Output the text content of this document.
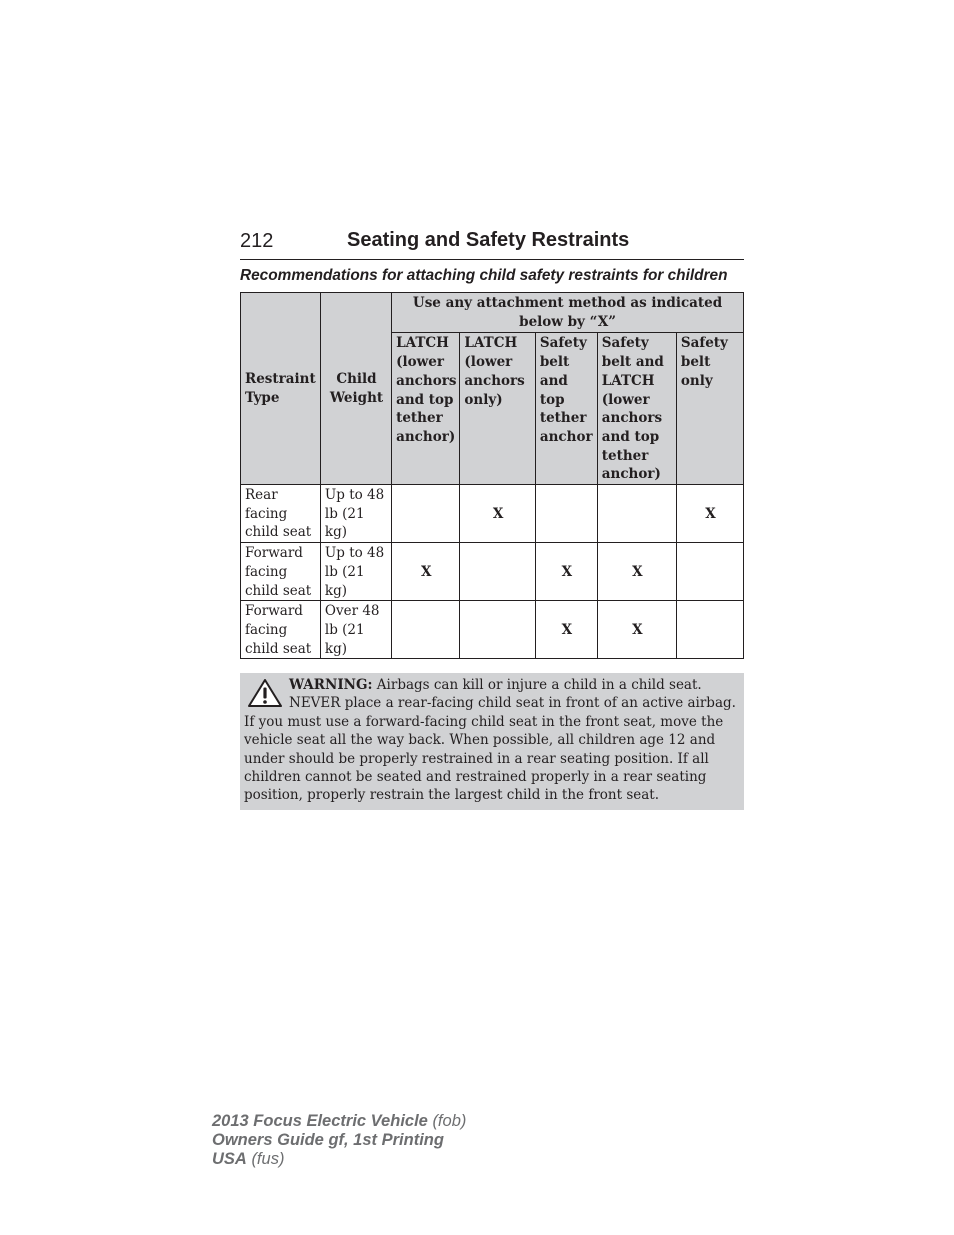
212	Seating and Safety Restraints
Recommendations for attaching child safety restraints for children
Restraint Type	Child Weight	Use any attachment method as indicated below by “X”				
		LATCH (lower anchors and top tether anchor)	LATCH (lower anchors only)	Safety belt and top tether anchor	Safety belt and LATCH (lower anchors and top tether anchor)	Safety belt only
Rear facing child seat	Up to 48 lb (21 kg)		X			X
Forward facing child seat	Up to 48 lb (21 kg)	X		X	X	
Forward facing child seat	Over 48 lb (21 kg)			X	X	
WARNING: Airbags can kill or injure a child in a child seat. NEVER place a rear-facing child seat in front of an active airbag. If you must use a forward-facing child seat in the front seat, move the vehicle seat all the way back. When possible, all children age 12 and under should be properly restrained in a rear seating position. If all children cannot be seated and restrained properly in a rear seating position, properly restrain the largest child in the front seat.
2013 Focus Electric Vehicle (fob)
Owners Guide gf, 1st Printing
USA (fus)
